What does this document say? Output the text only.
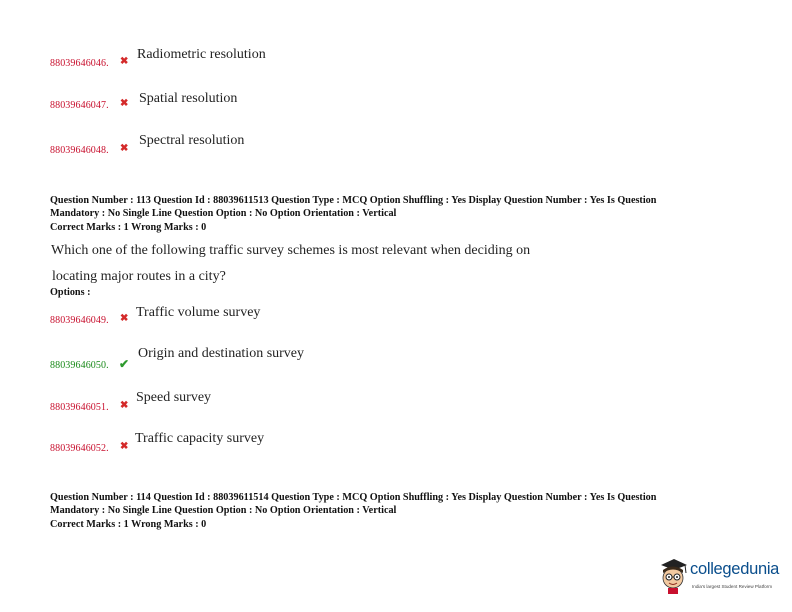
88039646046. ✖ Radiometric resolution
88039646047. ✖ Spatial resolution
88039646048. ✖
Spectral resolution
Question Number : 113 Question Id : 88039611513 Question Type : MCQ Option Shuffling : Yes Display Question Number : Yes Is Question
Mandatory : No Single Line Question Option : No Option Orientation : Vertical
Correct Marks : 1 Wrong Marks : 0
Which one of the following traffic survey schemes is most relevant when deciding on
locating major routes in a city?
Options :
88039646049. ✖ Traffic volume survey
88039646050. ✔
Origin and destination survey
88039646051. ✖
Speed survey
88039646052. ✖
Traffic capacity survey
Question Number : 114 Question Id : 88039611514 Question Type : MCQ Option Shuffling : Yes Display Question Number : Yes Is Question
Mandatory : No Single Line Question Option : No Option Orientation : Vertical
Correct Marks : 1 Wrong Marks : 0
collegedunia
India's largest Student Review Platform
